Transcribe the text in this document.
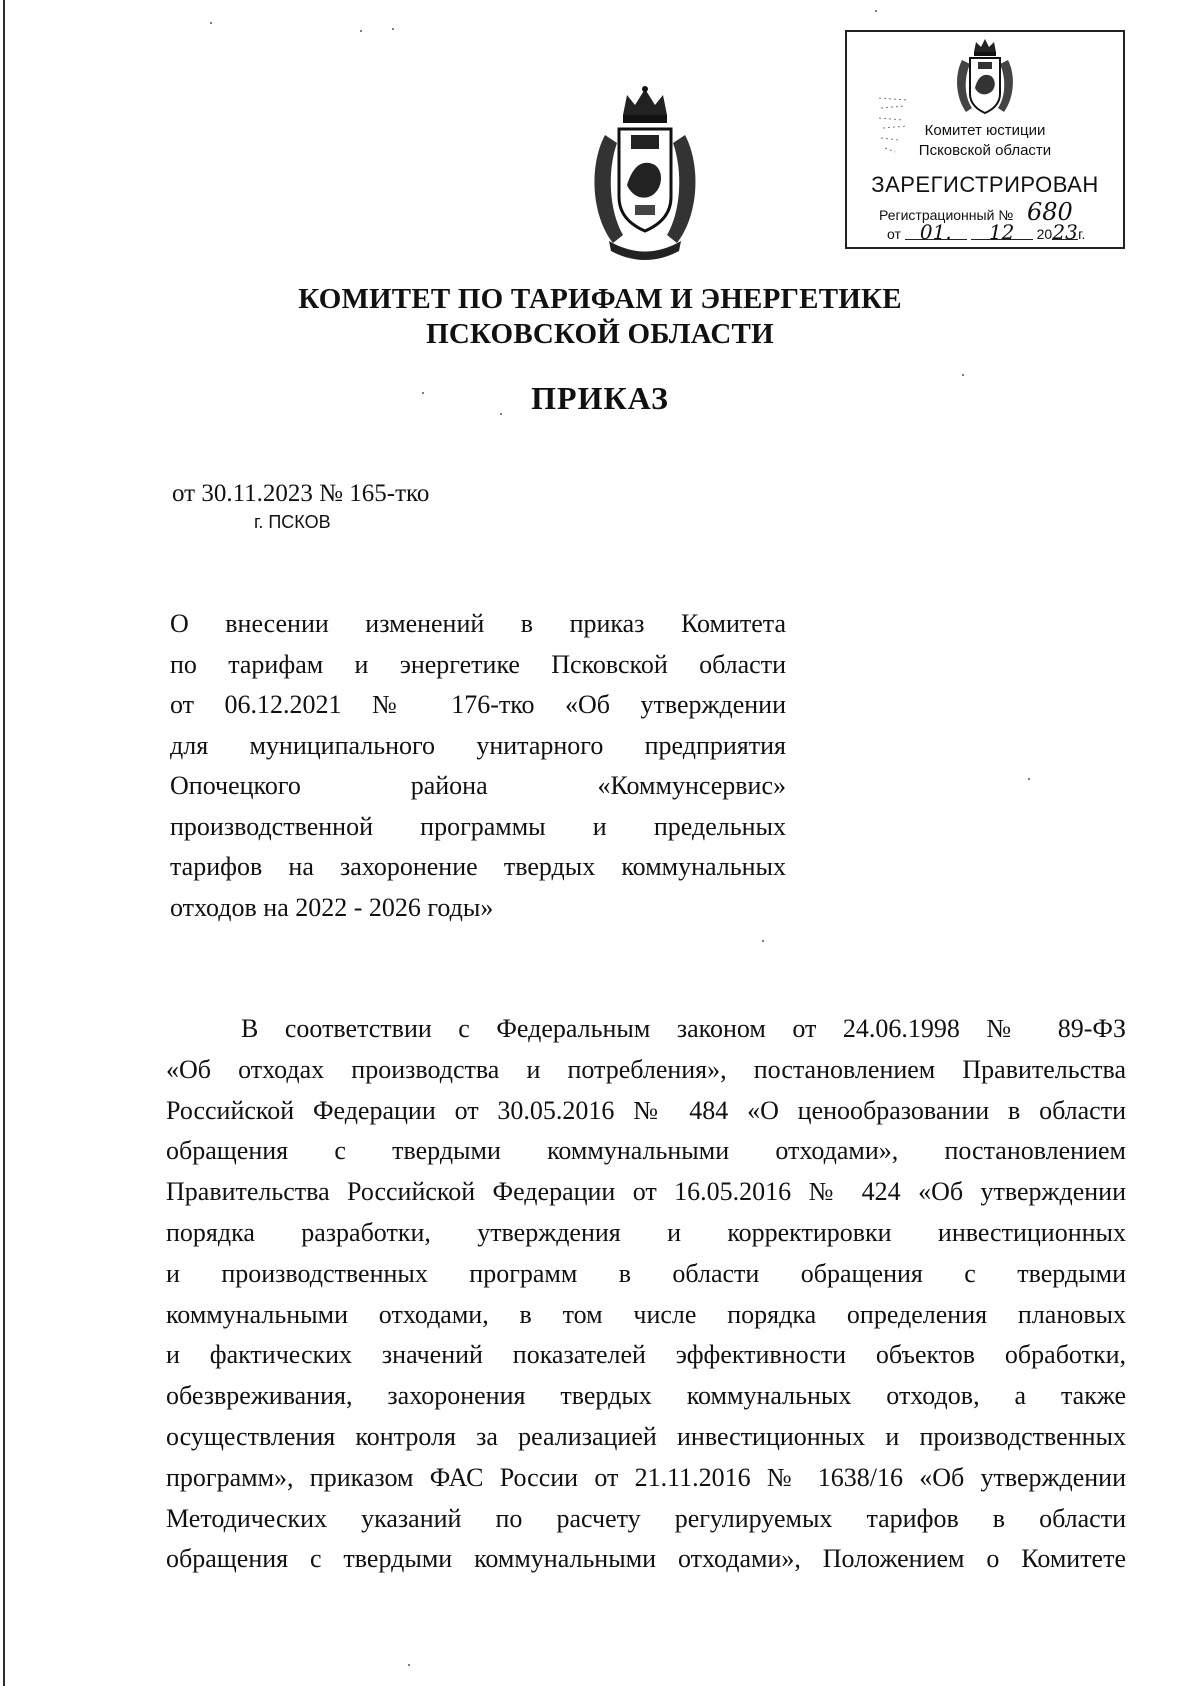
Комитет юстиции
Псковской области
ЗАРЕГИСТРИРОВАН
Регистрационный № 680
от 01. 12 2023г.
КОМИТЕТ ПО ТАРИФАМ И ЭНЕРГЕТИКЕ
ПСКОВСКОЙ ОБЛАСТИ
ПРИКАЗ
от 30.11.2023 № 165-тко
г. ПСКОВ
О внесении изменений в приказ Комитета
по тарифам и энергетике Псковской области
от 06.12.2021 № 176-тко «Об утверждении
для муниципального унитарного предприятия
Опочецкого района «Коммунсервис»
производственной программы и предельных
тарифов на захоронение твердых коммунальных
отходов на 2022 - 2026 годы»
В соответствии с Федеральным законом от 24.06.1998 № 89-ФЗ
«Об отходах производства и потребления», постановлением Правительства
Российской Федерации от 30.05.2016 № 484 «О ценообразовании в области
обращения с твердыми коммунальными отходами», постановлением
Правительства Российской Федерации от 16.05.2016 № 424 «Об утверждении
порядка разработки, утверждения и корректировки инвестиционных
и производственных программ в области обращения с твердыми
коммунальными отходами, в том числе порядка определения плановых
и фактических значений показателей эффективности объектов обработки,
обезвреживания, захоронения твердых коммунальных отходов, а также
осуществления контроля за реализацией инвестиционных и производственных
программ», приказом ФАС России от 21.11.2016 № 1638/16 «Об утверждении
Методических указаний по расчету регулируемых тарифов в области
обращения с твердыми коммунальными отходами», Положением о Комитете
